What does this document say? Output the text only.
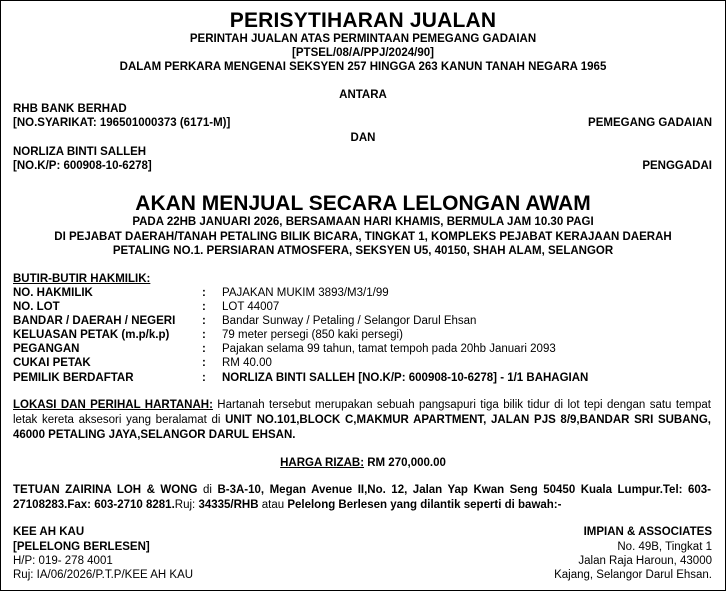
PERISYTIHARAN JUALAN
PERINTAH JUALAN ATAS PERMINTAAN PEMEGANG GADAIAN
[PTSEL/08/A/PPJ/2024/90]
DALAM PERKARA MENGENAI SEKSYEN 257 HINGGA 263 KANUN TANAH NEGARA 1965
ANTARA
RHB BANK BERHAD
[NO.SYARIKAT: 196501000373 (6171-M)]	PEMEGANG GADAIAN
DAN
NORLIZA BINTI SALLEH
[NO.K/P: 600908-10-6278]	PENGGADAI
AKAN MENJUAL SECARA LELONGAN AWAM
PADA 22HB JANUARI 2026, BERSAMAAN HARI KHAMIS, BERMULA JAM 10.30 PAGI
DI PEJABAT DAERAH/TANAH PETALING BILIK BICARA, TINGKAT 1, KOMPLEKS PEJABAT KERAJAAN DAERAH
PETALING NO.1. PERSIARAN ATMOSFERA, SEKSYEN U5, 40150, SHAH ALAM, SELANGOR
BUTIR-BUTIR HAKMILIK:
NO. HAKMILIK	: PAJAKAN MUKIM 3893/M3/1/99
NO. LOT	: LOT 44007
BANDAR / DAERAH / NEGERI : Bandar Sunway / Petaling / Selangor Darul Ehsan
KELUASAN PETAK (m.p/k.p)	: 79 meter persegi (850 kaki persegi)
PEGANGAN	: Pajakan selama 99 tahun, tamat tempoh pada 20hb Januari 2093
CUKAI PETAK	: RM 40.00
PEMILIK BERDAFTAR	: NORLIZA BINTI SALLEH [NO.K/P: 600908-10-6278] - 1/1 BAHAGIAN
LOKASI DAN PERIHAL HARTANAH: Hartanah tersebut merupakan sebuah pangsapuri tiga bilik tidur di lot tepi dengan satu tempat letak kereta aksesori yang beralamat di UNIT NO.101,BLOCK C,MAKMUR APARTMENT, JALAN PJS 8/9,BANDAR SRI SUBANG, 46000 PETALING JAYA,SELANGOR DARUL EHSAN.
HARGA RIZAB: RM 270,000.00
TETUAN ZAIRINA LOH & WONG di B-3A-10, Megan Avenue II,No. 12, Jalan Yap Kwan Seng 50450 Kuala Lumpur.Tel: 603-27108283.Fax: 603-2710 8281.Ruj: 34335/RHB atau Pelelong Berlesen yang dilantik seperti di bawah:-
KEE AH KAU
[PELELONG BERLESEN]
H/P: 019- 278 4001
Ruj: IA/06/2026/P.T.P/KEE AH KAU
IMPIAN & ASSOCIATES
No. 49B, Tingkat 1
Jalan Raja Haroun, 43000
Kajang, Selangor Darul Ehsan.
